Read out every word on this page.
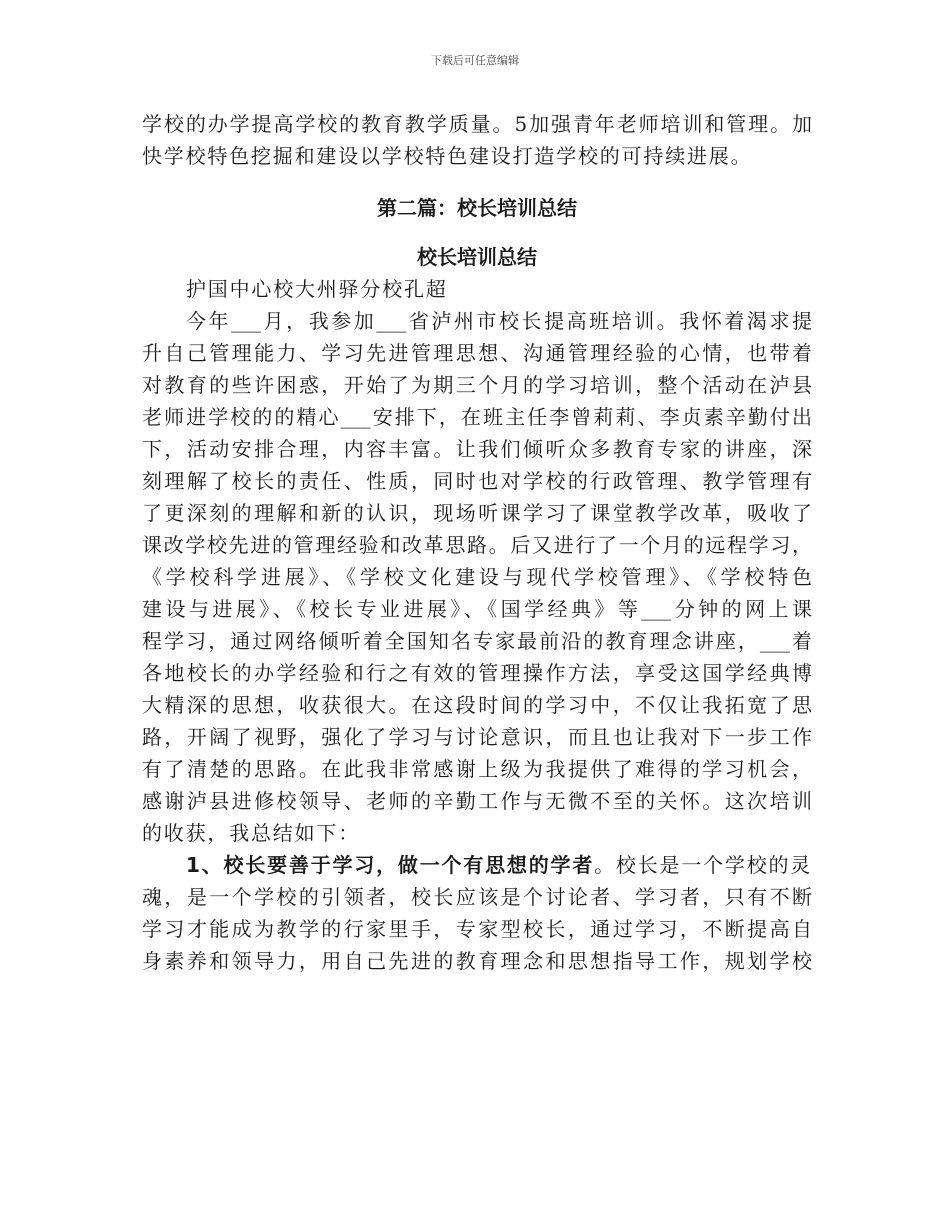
下载后可任意编辑
学校的办学提高学校的教育教学质量。5加强青年老师培训和管理。加
快学校特色挖掘和建设以学校特色建设打造学校的可持续进展。
第二篇：校长培训总结
校长培训总结
护国中心校大州驿分校孔超
今年___月，我参加___省泸州市校长提高班培训。我怀着渴求提
升自己管理能力、学习先进管理思想、沟通管理经验的心情，也带着
对教育的些许困惑，开始了为期三个月的学习培训，整个活动在泸县
老师进学校的的精心___安排下，在班主任李曾莉莉、李贞素辛勤付出
下，活动安排合理，内容丰富。让我们倾听众多教育专家的讲座，深
刻理解了校长的责任、性质，同时也对学校的行政管理、教学管理有
了更深刻的理解和新的认识，现场听课学习了课堂教学改革，吸收了
课改学校先进的管理经验和改革思路。后又进行了一个月的远程学习，
《学校科学进展》、《学校文化建设与现代学校管理》、《学校特色
建设与进展》、《校长专业进展》、《国学经典》等___分钟的网上课
程学习，通过网络倾听着全国知名专家最前沿的教育理念讲座，___着
各地校长的办学经验和行之有效的管理操作方法，享受这国学经典博
大精深的思想，收获很大。在这段时间的学习中，不仅让我拓宽了思
路，开阔了视野，强化了学习与讨论意识，而且也让我对下一步工作
有了清楚的思路。在此我非常感谢上级为我提供了难得的学习机会，
感谢泸县进修校领导、老师的辛勤工作与无微不至的关怀。这次培训
的收获，我总结如下：
1、校长要善于学习，做一个有思想的学者。校长是一个学校的灵
魂，是一个学校的引领者，校长应该是个讨论者、学习者，只有不断
学习才能成为教学的行家里手，专家型校长，通过学习，不断提高自
身素养和领导力，用自己先进的教育理念和思想指导工作，规划学校
